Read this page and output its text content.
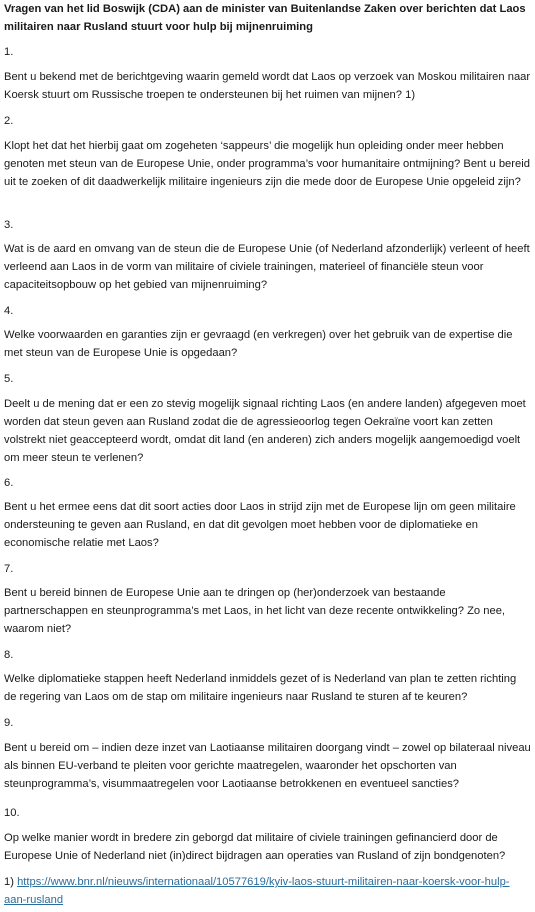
Vragen van het lid Boswijk (CDA) aan de minister van Buitenlandse Zaken over berichten dat Laos militairen naar Rusland stuurt voor hulp bij mijnenruiming

1.

Bent u bekend met de berichtgeving waarin gemeld wordt dat Laos op verzoek van Moskou militairen naar Koersk stuurt om Russische troepen te ondersteunen bij het ruimen van mijnen? 1)

2.

Klopt het dat het hierbij gaat om zogeheten ‘sappeurs’ die mogelijk hun opleiding onder meer hebben genoten met steun van de Europese Unie, onder programma’s voor humanitaire ontmijning? Bent u bereid uit te zoeken of dit daadwerkelijk militaire ingenieurs zijn die mede door de Europese Unie opgeleid zijn?

3.

Wat is de aard en omvang van de steun die de Europese Unie (of Nederland afzonderlijk) verleent of heeft verleend aan Laos in de vorm van militaire of civiele trainingen, materieel of financiële steun voor capaciteitsopbouw op het gebied van mijnenruiming?

4.

Welke voorwaarden en garanties zijn er gevraagd (en verkregen) over het gebruik van de expertise die met steun van de Europese Unie is opgedaan?

5.

Deelt u de mening dat er een zo stevig mogelijk signaal richting Laos (en andere landen) afgegeven moet worden dat steun geven aan Rusland zodat die de agressieoorlog tegen Oekraïne voort kan zetten volstrekt niet geaccepteerd wordt, omdat dit land (en anderen) zich anders mogelijk aangemoedigd voelt om meer steun te verlenen?

6.

Bent u het ermee eens dat dit soort acties door Laos in strijd zijn met de Europese lijn om geen militaire ondersteuning te geven aan Rusland, en dat dit gevolgen moet hebben voor de diplomatieke en economische relatie met Laos?

7.

Bent u bereid binnen de Europese Unie aan te dringen op (her)onderzoek van bestaande partnerschappen en steunprogramma’s met Laos, in het licht van deze recente ontwikkeling? Zo nee, waarom niet?

8.

Welke diplomatieke stappen heeft Nederland inmiddels gezet of is Nederland van plan te zetten richting de regering van Laos om de stap om militaire ingenieurs naar Rusland te sturen af te keuren?

9.

Bent u bereid om – indien deze inzet van Laotiaanse militairen doorgang vindt – zowel op bilateraal niveau als binnen EU-verband te pleiten voor gerichte maatregelen, waaronder het opschorten van steunprogramma’s, visummaatregelen voor Laotiaanse betrokkenen en eventueel sancties?

10.

Op welke manier wordt in bredere zin geborgd dat militaire of civiele trainingen gefinancierd door de Europese Unie of Nederland niet (in)direct bijdragen aan operaties van Rusland of zijn bondgenoten?

1) https://www.bnr.nl/nieuws/internationaal/10577619/kyiv-laos-stuurt-militairen-naar-koersk-voor-hulp-aan-rusland
